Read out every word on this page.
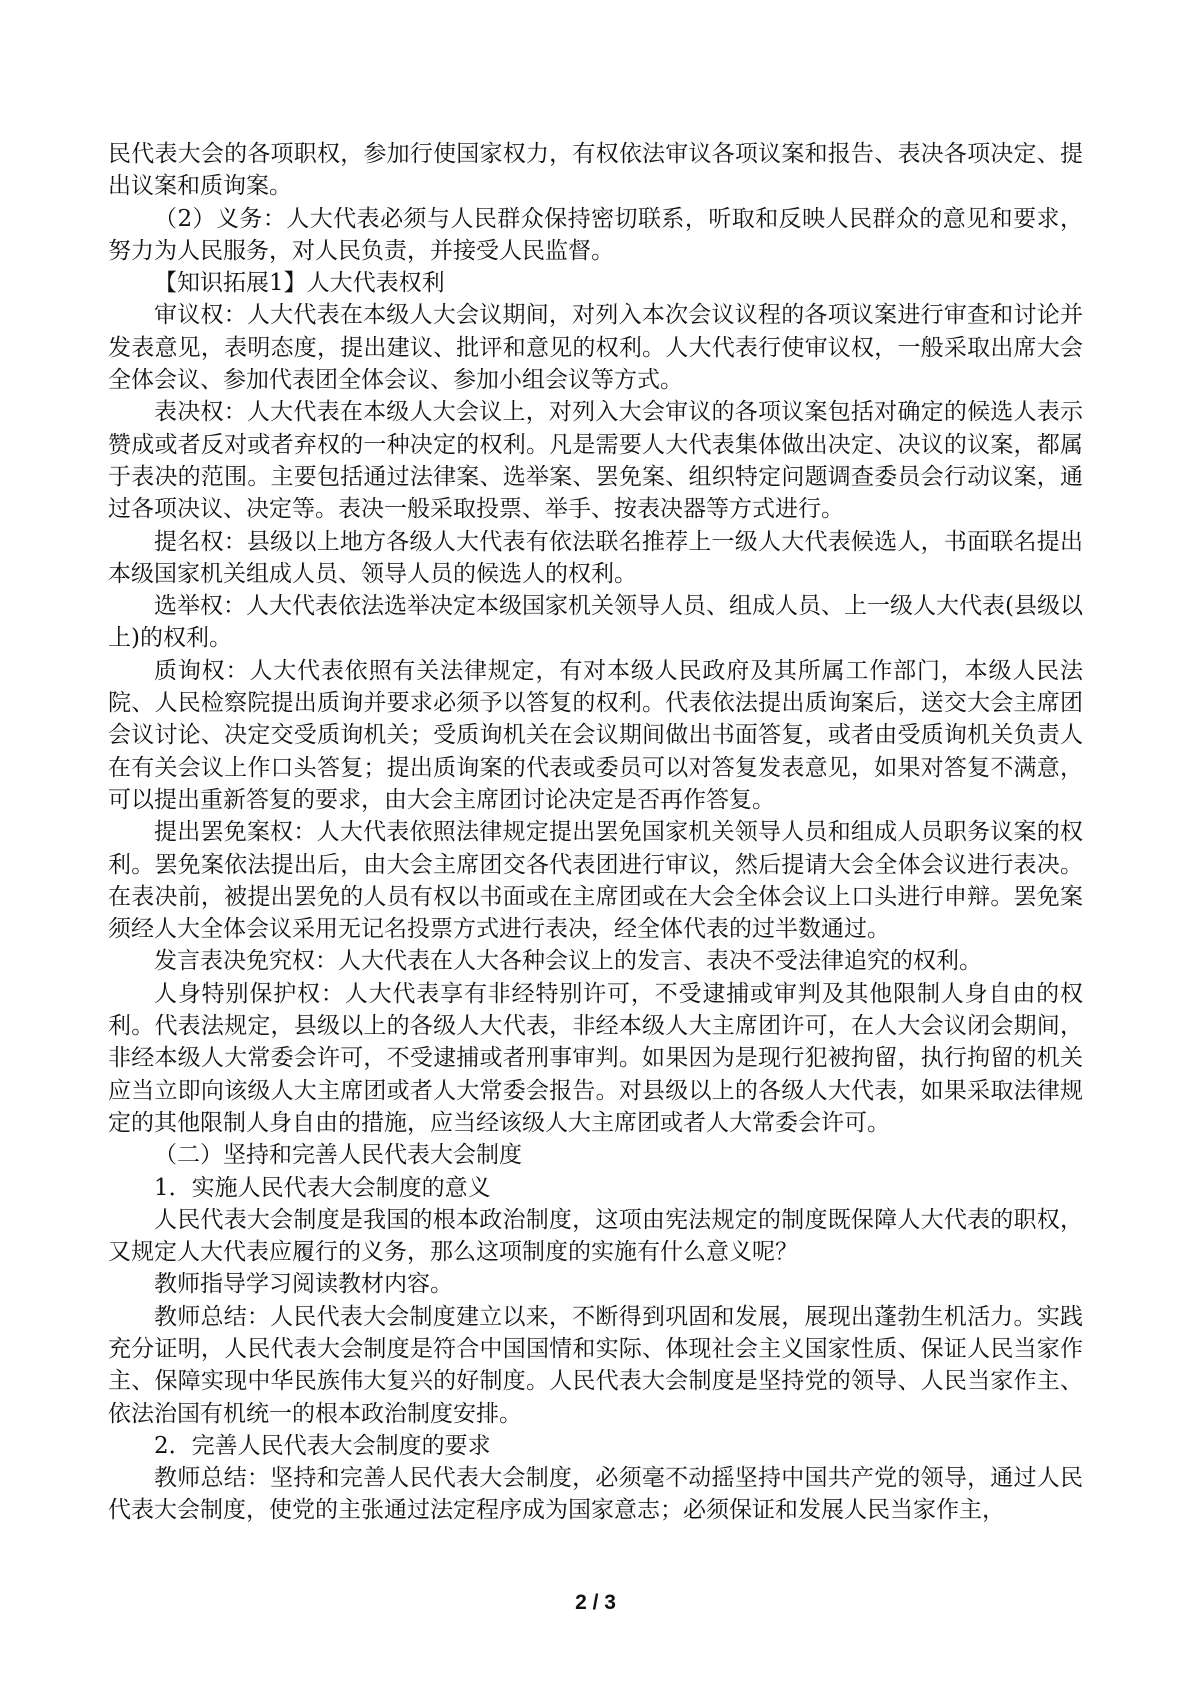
民代表大会的各项职权，参加行使国家权力，有权依法审议各项议案和报告、表决各项决定、提出议案和质询案。

（2）义务：人大代表必须与人民群众保持密切联系，听取和反映人民群众的意见和要求，努力为人民服务，对人民负责，并接受人民监督。

【知识拓展1】人大代表权利

审议权：人大代表在本级人大会议期间，对列入本次会议议程的各项议案进行审查和讨论并发表意见，表明态度，提出建议、批评和意见的权利。人大代表行使审议权，一般采取出席大会全体会议、参加代表团全体会议、参加小组会议等方式。

表决权：人大代表在本级人大会议上，对列入大会审议的各项议案包括对确定的候选人表示赞成或者反对或者弃权的一种决定的权利。凡是需要人大代表集体做出决定、决议的议案，都属于表决的范围。主要包括通过法律案、选举案、罢免案、组织特定问题调查委员会行动议案，通过各项决议、决定等。表决一般采取投票、举手、按表决器等方式进行。

提名权：县级以上地方各级人大代表有依法联名推荐上一级人大代表候选人，书面联名提出本级国家机关组成人员、领导人员的候选人的权利。

选举权：人大代表依法选举决定本级国家机关领导人员、组成人员、上一级人大代表(县级以上)的权利。

质询权：人大代表依照有关法律规定，有对本级人民政府及其所属工作部门，本级人民法院、人民检察院提出质询并要求必须予以答复的权利。代表依法提出质询案后，送交大会主席团会议讨论、决定交受质询机关；受质询机关在会议期间做出书面答复，或者由受质询机关负责人在有关会议上作口头答复；提出质询案的代表或委员可以对答复发表意见，如果对答复不满意，可以提出重新答复的要求，由大会主席团讨论决定是否再作答复。

提出罢免案权：人大代表依照法律规定提出罢免国家机关领导人员和组成人员职务议案的权利。罢免案依法提出后，由大会主席团交各代表团进行审议，然后提请大会全体会议进行表决。在表决前，被提出罢免的人员有权以书面或在主席团或在大会全体会议上口头进行申辩。罢免案须经人大全体会议采用无记名投票方式进行表决，经全体代表的过半数通过。

发言表决免究权：人大代表在人大各种会议上的发言、表决不受法律追究的权利。

人身特别保护权：人大代表享有非经特别许可，不受逮捕或审判及其他限制人身自由的权利。代表法规定，县级以上的各级人大代表，非经本级人大主席团许可，在人大会议闭会期间，非经本级人大常委会许可，不受逮捕或者刑事审判。如果因为是现行犯被拘留，执行拘留的机关应当立即向该级人大主席团或者人大常委会报告。对县级以上的各级人大代表，如果采取法律规定的其他限制人身自由的措施，应当经该级人大主席团或者人大常委会许可。

（二）坚持和完善人民代表大会制度

1．实施人民代表大会制度的意义

人民代表大会制度是我国的根本政治制度，这项由宪法规定的制度既保障人大代表的职权，又规定人大代表应履行的义务，那么这项制度的实施有什么意义呢？

教师指导学习阅读教材内容。

教师总结：人民代表大会制度建立以来，不断得到巩固和发展，展现出蓬勃生机活力。实践充分证明，人民代表大会制度是符合中国国情和实际、体现社会主义国家性质、保证人民当家作主、保障实现中华民族伟大复兴的好制度。人民代表大会制度是坚持党的领导、人民当家作主、依法治国有机统一的根本政治制度安排。

2．完善人民代表大会制度的要求

教师总结：坚持和完善人民代表大会制度，必须毫不动摇坚持中国共产党的领导，通过人民代表大会制度，使党的主张通过法定程序成为国家意志；必须保证和发展人民当家作主，

2 / 3
